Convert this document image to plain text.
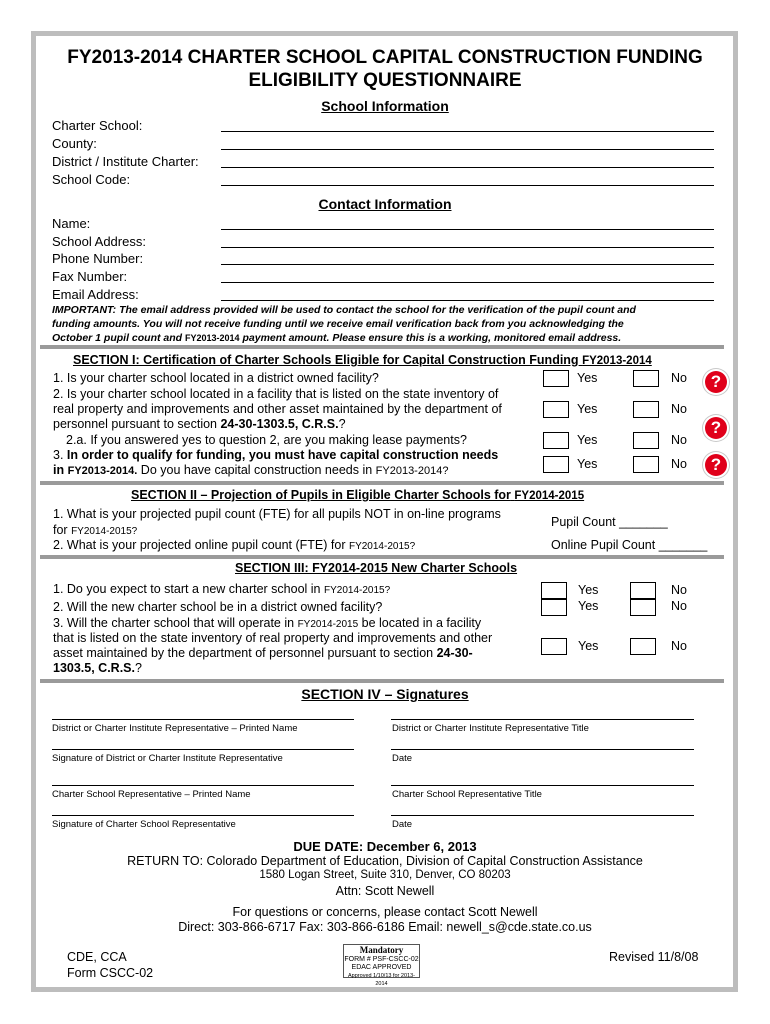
FY2013-2014 CHARTER SCHOOL CAPITAL CONSTRUCTION FUNDING
ELIGIBILITY QUESTIONNAIRE
School Information
Charter School:
County:
District / Institute Charter:
School Code:
Contact Information
Name:
School Address:
Phone Number:
Fax Number:
Email Address:
IMPORTANT: The email address provided will be used to contact the school for the verification of the pupil count and
funding amounts. You will not receive funding until we receive email verification back from you acknowledging the
October 1 pupil count and FY2013-2014 payment amount. Please ensure this is a working, monitored email address.
SECTION I: Certification of Charter Schools Eligible for Capital Construction Funding FY2013-2014
1. Is your charter school located in a district owned facility?	Yes	No	?
2. Is your charter school located in a facility that is listed on the state inventory of
real property and improvements and other asset maintained by the department of
personnel pursuant to section 24-30-1303.5, C.R.S.?
Yes	No
?
2.a. If you answered yes to question 2, are you making lease payments?	Yes	No
3. In order to qualify for funding, you must have capital construction needs
in FY2013-2014. Do you have capital construction needs in FY2013-2014?	Yes	No	?
SECTION II – Projection of Pupils in Eligible Charter Schools for FY2014-2015
1. What is your projected pupil count (FTE) for all pupils NOT in on-line programs
for FY2014-2015?
2. What is your projected online pupil count (FTE) for FY2014-2015?
Pupil Count _______
Online Pupil Count _______
SECTION III: FY2014-2015 New Charter Schools
1. Do you expect to start a new charter school in FY2014-2015?	Yes	No
2. Will the new charter school be in a district owned facility?	Yes	No
3. Will the charter school that will operate in FY2014-2015 be located in a facility
that is listed on the state inventory of real property and improvements and other
asset maintained by the department of personnel pursuant to section 24-30-
1303.5, C.R.S.?
Yes	No
SECTION IV – Signatures
District or Charter Institute Representative – Printed Name	District or Charter Institute Representative Title
Signature of District or Charter Institute Representative	Date
Charter School Representative – Printed Name	Charter School Representative Title
Signature of Charter School Representative	Date
DUE DATE: December 6, 2013
RETURN TO: Colorado Department of Education, Division of Capital Construction Assistance
1580 Logan Street, Suite 310, Denver, CO 80203
Attn: Scott Newell
For questions or concerns, please contact Scott Newell
Direct: 303-866-6717 Fax: 303-866-6186 Email: newell_s@cde.state.co.us
CDE, CCA
Form CSCC-02
Revised 11/8/08
Mandatory
FORM # PSF-CSCC-02
EDAC APPROVED
Approved 1/10/13 for 2013-2014
